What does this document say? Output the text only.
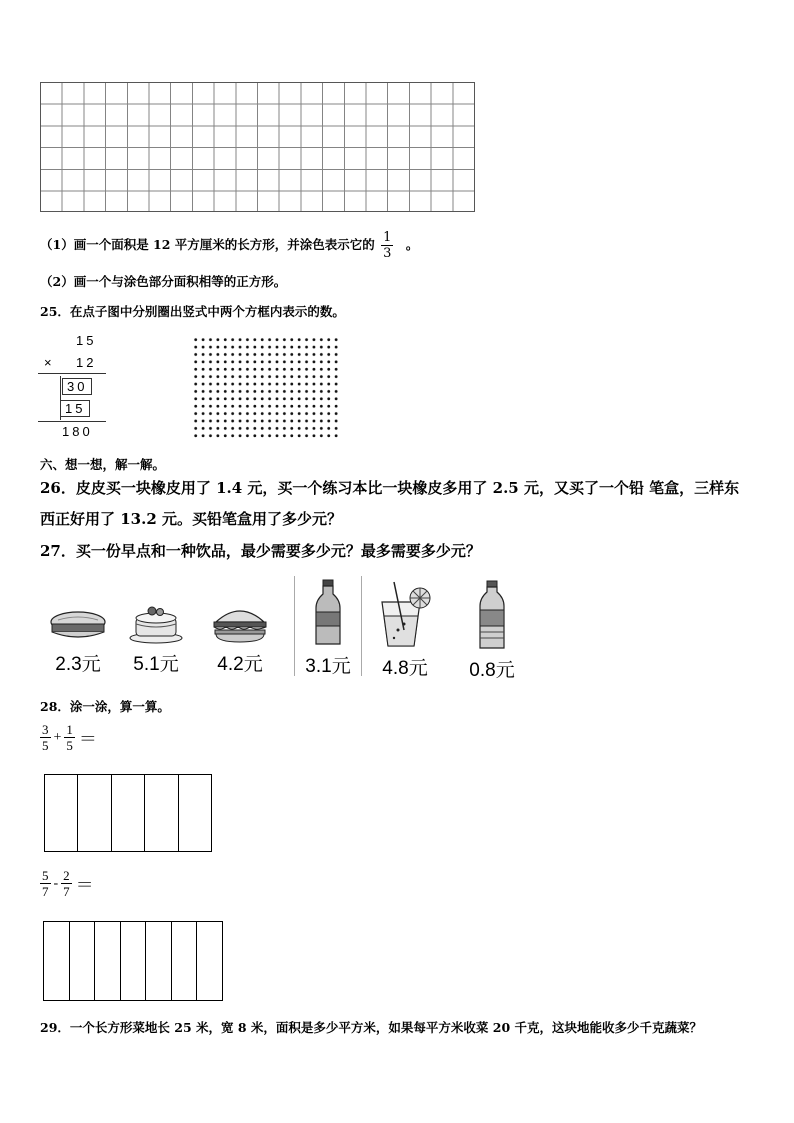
（1）画一个面积是 12 平方厘米的长方形，并涂色表示它的 $\frac{1}{3}$ 。
（2）画一个与涂色部分面积相等的正方形。
25．在点子图中分别圈出竖式中两个方框内表示的数。
15
× 12
30
15
180
六、想一想，解一解。
26．皮皮买一块橡皮用了 1.4 元，买一个练习本比一块橡皮多用了 2.5 元，又买了一个铅 笔盒，三样东
西正好用了 13.2 元。买铅笔盒用了多少元？
27．买一份早点和一种饮品，最少需要多少元？最多需要多少元？
2.3元	5.1元	4.2元	3.1元	4.8元	0.8元
28．涂一涂，算一算。
$\frac{3}{5} + \frac{1}{5}$ ＝
$\frac{5}{7} - \frac{2}{7}$ ＝
29．一个长方形菜地长 25 米，宽 8 米，面积是多少平方米，如果每平方米收菜 20 千克，这块地能收多少千克蔬菜？
